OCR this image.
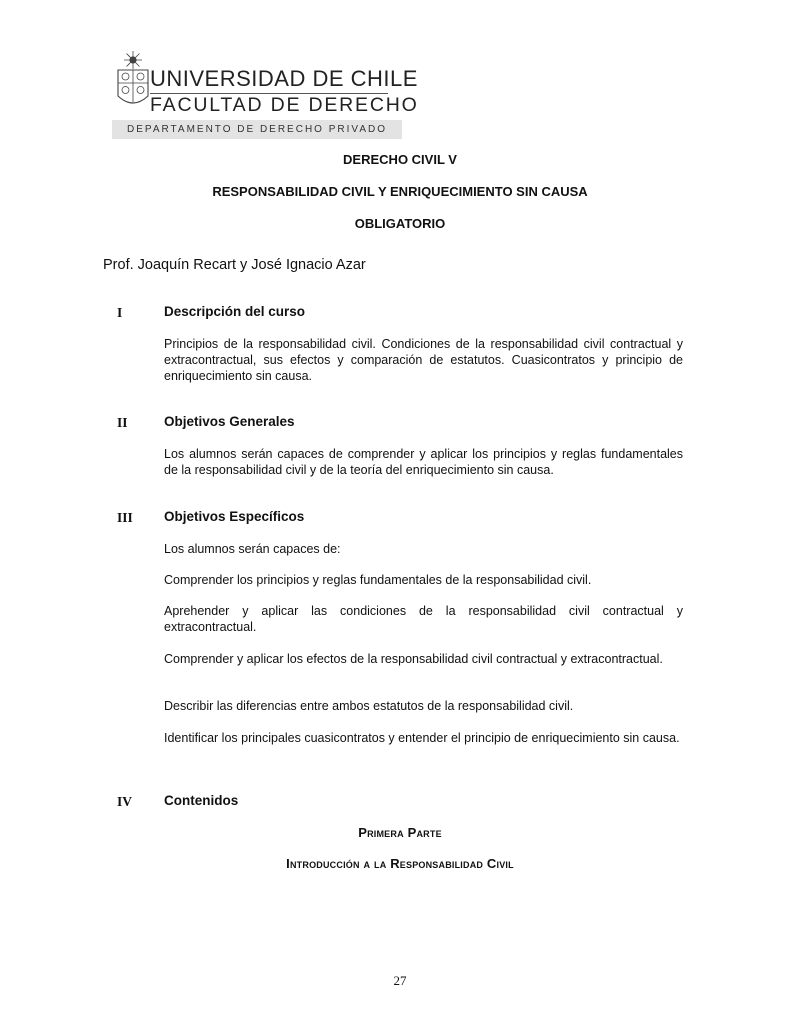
UNIVERSIDAD DE CHILE
FACULTAD DE DERECHO
DEPARTAMENTO DE DERECHO PRIVADO
DERECHO CIVIL V
RESPONSABILIDAD CIVIL Y ENRIQUECIMIENTO SIN CAUSA
OBLIGATORIO
Prof. Joaquín Recart y José Ignacio Azar
I	Descripción del curso
Principios de la responsabilidad civil. Condiciones de la responsabilidad civil contractual y extracontractual, sus efectos y comparación de estatutos. Cuasicontratos y principio de enriquecimiento sin causa.
II	Objetivos Generales
Los alumnos serán capaces de comprender y aplicar los principios y reglas fundamentales de la responsabilidad civil y de la teoría del enriquecimiento sin causa.
III Objetivos Específicos
Los alumnos serán capaces de:
Comprender los principios y reglas fundamentales de la responsabilidad civil.
Aprehender y aplicar las condiciones de la responsabilidad civil contractual y extracontractual.
Comprender y aplicar los efectos de la responsabilidad civil contractual y extracontractual.
Describir las diferencias entre ambos estatutos de la responsabilidad civil.
Identificar los principales cuasicontratos y entender el principio de enriquecimiento sin causa.
IV Contenidos
Primera Parte
Introducción a la Responsabilidad Civil
27
